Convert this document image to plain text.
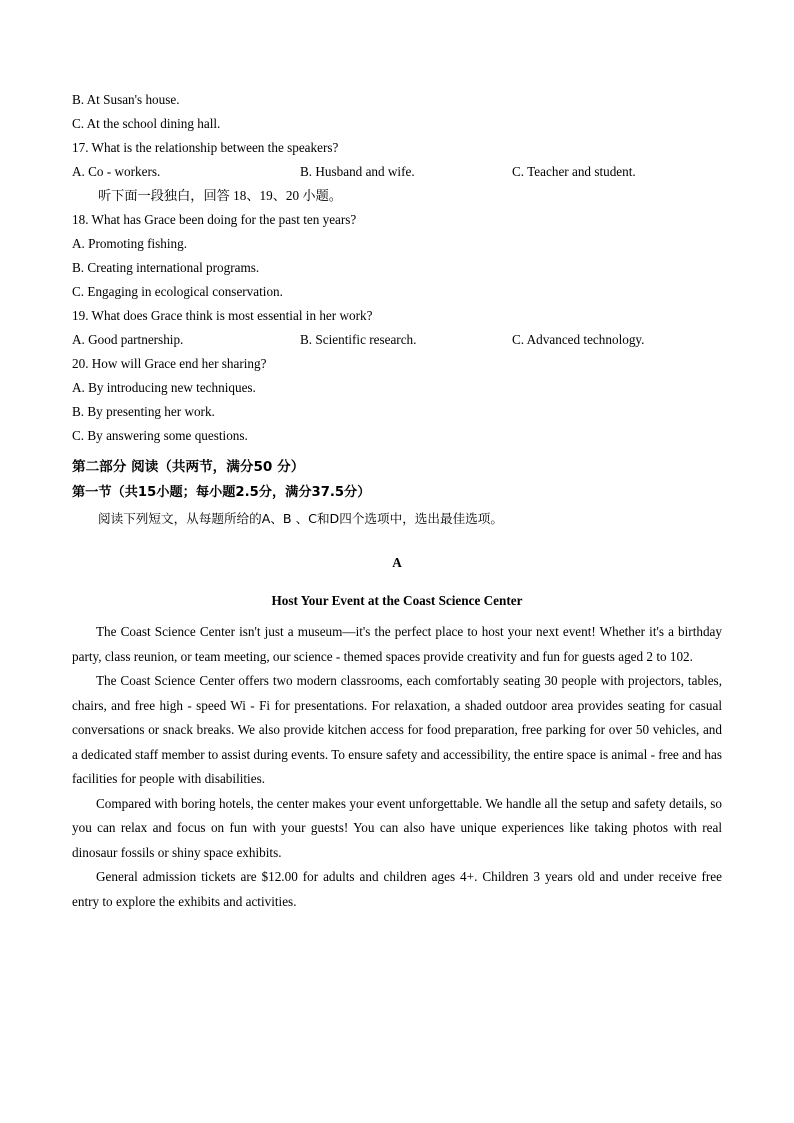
B. At Susan's house.
C. At the school dining hall.
17. What is the relationship between the speakers?
A. Co - workers.	B. Husband and wife.	C. Teacher and student.
听下面一段独白，回答 18、19、20 小题。
18. What has Grace been doing for the past ten years?
A. Promoting fishing.
B. Creating international programs.
C. Engaging in ecological conservation.
19. What does Grace think is most essential in her work?
A. Good partnership.	B. Scientific research.	C. Advanced technology.
20. How will Grace end her sharing?
A. By introducing new techniques.
B. By presenting her work.
C. By answering some questions.
第二部分 阅读（共两节，满分50 分）
第一节（共15小题；每小题2.5分，满分37.5分）
阅读下列短文，从每题所给的A、B 、C和D四个选项中，选出最佳选项。
A
Host Your Event at the Coast Science Center

The Coast Science Center isn't just a museum—it's the perfect place to host your next event! Whether it's a birthday party, class reunion, or team meeting, our science - themed spaces provide creativity and fun for guests aged 2 to 102.

The Coast Science Center offers two modern classrooms, each comfortably seating 30 people with projectors, tables, chairs, and free high - speed Wi - Fi for presentations. For relaxation, a shaded outdoor area provides seating for casual conversations or snack breaks. We also provide kitchen access for food preparation, free parking for over 50 vehicles, and a dedicated staff member to assist during events. To ensure safety and accessibility, the entire space is animal - free and has facilities for people with disabilities.

Compared with boring hotels, the center makes your event unforgettable. We handle all the setup and safety details, so you can relax and focus on fun with your guests! You can also have unique experiences like taking photos with real dinosaur fossils or shiny space exhibits.

General admission tickets are $12.00 for adults and children ages 4+. Children 3 years old and under receive free entry to explore the exhibits and activities.
